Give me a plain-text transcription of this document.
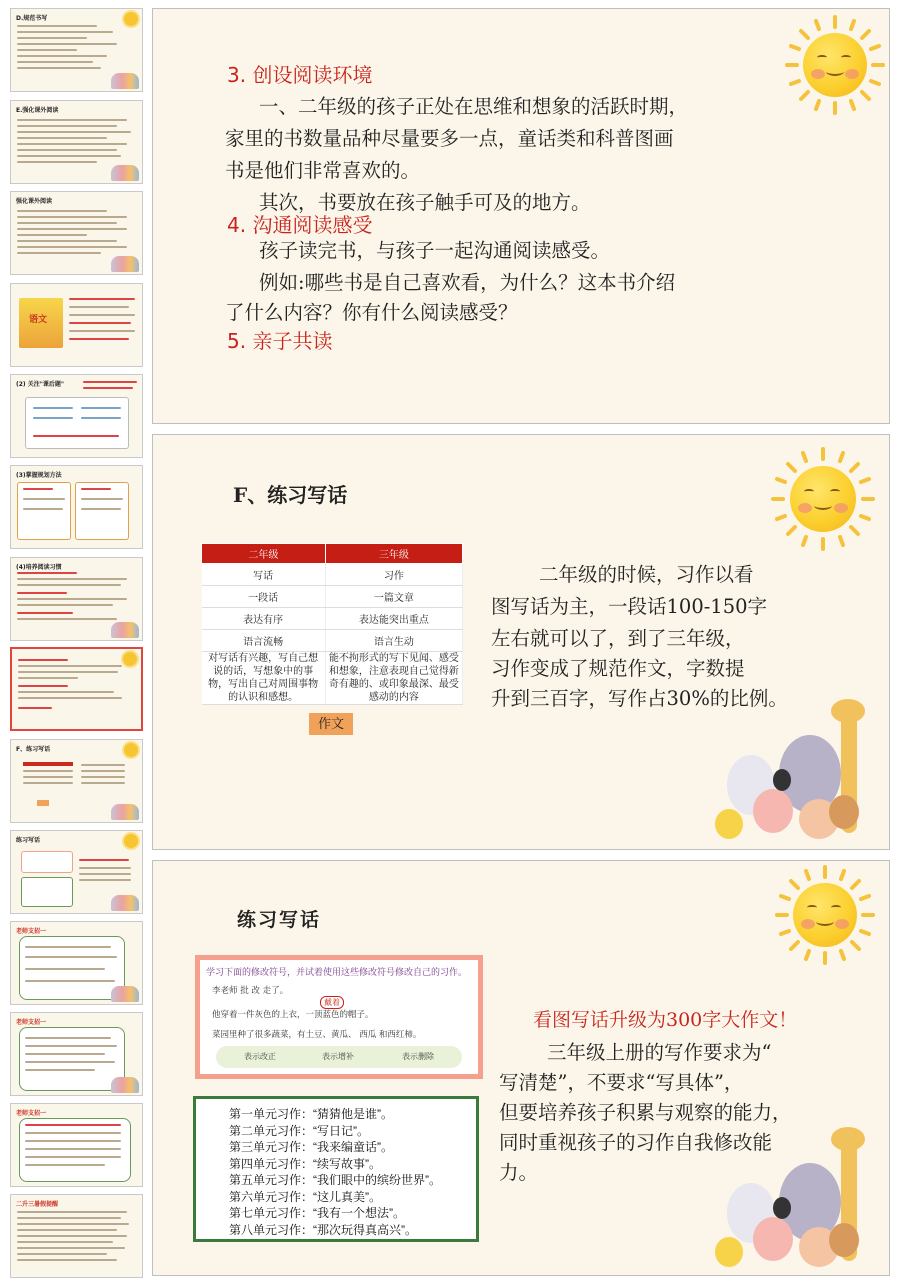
D.规范书写
E.强化课外阅读
强化课外阅读
语文
(2) 关注"课后题"
(3)掌握规划方法
(4)培养阅读习惯
F、练习写话
练习写话
老师支招一
老师支招一
老师支招一
二升三暑假提醒
3. 创设阅读环境
一、二年级的孩子正处在思维和想象的活跃时期，
家里的书数量品种尽量要多一点，童话类和科普图画
书是他们非常喜欢的。
其次，书要放在孩子触手可及的地方。
4. 沟通阅读感受
孩子读完书，与孩子一起沟通阅读感受。
例如:哪些书是自己喜欢看，为什么？这本书介绍
了什么内容？你有什么阅读感受？
5. 亲子共读
F、练习写话
二年级	三年级
写话	习作
一段话	一篇文章
表达有序	表达能突出重点
语言流畅	语言生动
对写话有兴趣，写自己想说的话，写想象中的事物，写出自己对周围事物的认识和感想。	能不拘形式的写下见闻、感受和想象，注意表现自己觉得新奇有趣的、或印象最深、最受感动的内容
作文
二年级的时候，习作以看
图写话为主，一段话100-150字
左右就可以了，到了三年级，
习作变成了规范作文，字数提
升到三百字，写作占30%的比例。
练习写话
学习下面的修改符号，并试着使用这些修改符号修改自己的习作。
李老师 批 改 走了。
戴着
他穿着一件灰色的上衣，一顶蓝色的帽子。
菜园里种了很多蔬菜，有土豆、黄瓜、 西瓜 和西红柿。
表示改正	表示增补	表示删除
第一单元习作：“猜猜他是谁”。
第二单元习作：“写日记”。
第三单元习作：“我来编童话”。
第四单元习作：“续写故事”。
第五单元习作：“我们眼中的缤纷世界”。
第六单元习作：“这儿真美”。
第七单元习作：“我有一个想法”。
第八单元习作：“那次玩得真高兴”。
看图写话升级为300字大作文！
三年级上册的写作要求为“
写清楚”，不要求“写具体”，
但要培养孩子积累与观察的能力，
同时重视孩子的习作自我修改能
力。
